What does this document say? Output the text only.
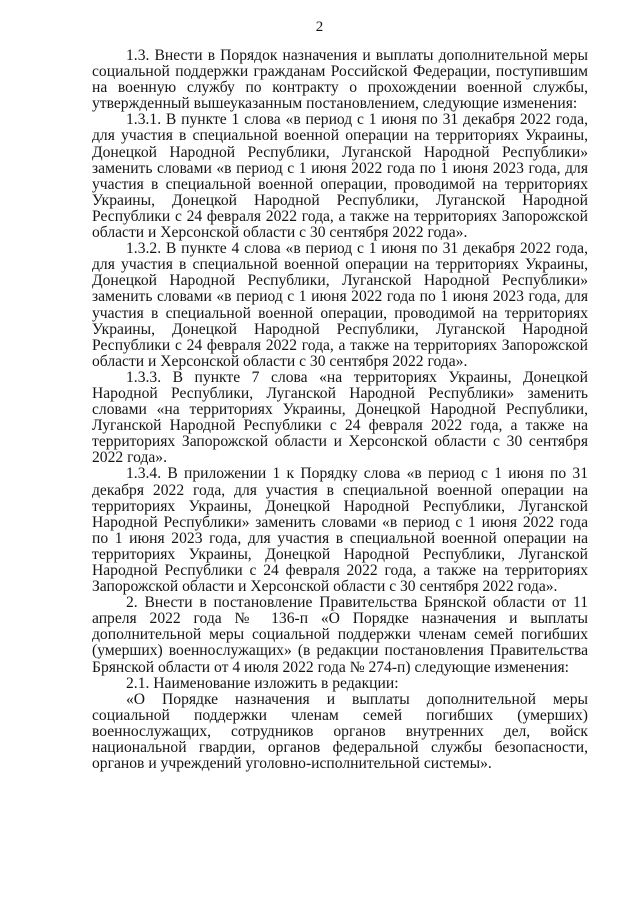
2

1.3. Внести в Порядок назначения и выплаты дополнительной меры социальной поддержки гражданам Российской Федерации, поступившим на военную службу по контракту о прохождении военной службы, утвержденный вышеуказанным постановлением, следующие изменения:

1.3.1. В пункте 1 слова «в период с 1 июня по 31 декабря 2022 года, для участия в специальной военной операции на территориях Украины, Донецкой Народной Республики, Луганской Народной Республики» заменить словами «в период с 1 июня 2022 года по 1 июня 2023 года, для участия в специальной военной операции, проводимой на территориях Украины, Донецкой Народной Республики, Луганской Народной Республики с 24 февраля 2022 года, а также на территориях Запорожской области и Херсонской области с 30 сентября 2022 года».

1.3.2. В пункте 4 слова «в период с 1 июня по 31 декабря 2022 года, для участия в специальной военной операции на территориях Украины, Донецкой Народной Республики, Луганской Народной Республики» заменить словами «в период с 1 июня 2022 года по 1 июня 2023 года, для участия в специальной военной операции, проводимой на территориях Украины, Донецкой Народной Республики, Луганской Народной Республики с 24 февраля 2022 года, а также на территориях Запорожской области и Херсонской области с 30 сентября 2022 года».

1.3.3. В пункте 7 слова «на территориях Украины, Донецкой Народной Республики, Луганской Народной Республики» заменить словами «на территориях Украины, Донецкой Народной Республики, Луганской Народной Республики с 24 февраля 2022 года, а также на территориях Запорожской области и Херсонской области с 30 сентября 2022 года».

1.3.4. В приложении 1 к Порядку слова «в период с 1 июня по 31 декабря 2022 года, для участия в специальной военной операции на территориях Украины, Донецкой Народной Республики, Луганской Народной Республики» заменить словами «в период с 1 июня 2022 года по 1 июня 2023 года, для участия в специальной военной операции на территориях Украины, Донецкой Народной Республики, Луганской Народной Республики с 24 февраля 2022 года, а также на территориях Запорожской области и Херсонской области с 30 сентября 2022 года».

2. Внести в постановление Правительства Брянской области от 11 апреля 2022 года № 136-п «О Порядке назначения и выплаты дополнительной меры социальной поддержки членам семей погибших (умерших) военнослужащих» (в редакции постановления Правительства Брянской области от 4 июля 2022 года № 274-п) следующие изменения:

2.1. Наименование изложить в редакции:

«О Порядке назначения и выплаты дополнительной меры социальной поддержки членам семей погибших (умерших) военнослужащих, сотрудников органов внутренних дел, войск национальной гвардии, органов федеральной службы безопасности, органов и учреждений уголовно-исполнительной системы».
